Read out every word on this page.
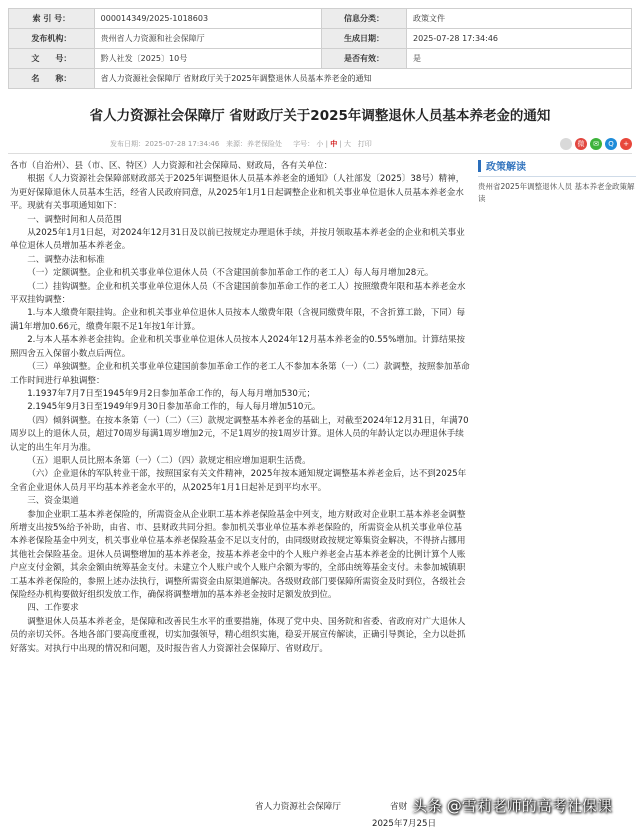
索 引 号：	000014349/2025-1018603	信息分类：	政策文件
发布机构：	贵州省人力资源和社会保障厅	生成日期：	2025-07-28 17:34:46
文　　号：	黔人社发〔2025〕10号	是否有效：	是
名　　称：	省人力资源社会保障厅 省财政厅关于2025年调整退休人员基本养老金的通知		
省人力资源社会保障厅 省财政厅关于2025年调整退休人员基本养老金的通知
发布日期：2025-07-28 17:34:46 来源：养老保险处 字号： 小 | 中 | 大 打印	微	✉	Q	+

各市（自治州）、县（市、区、特区）人力资源和社会保障局、财政局，各有关单位：

根据《人力资源社会保障部财政部关于2025年调整退休人员基本养老金的通知》（人社部发〔2025〕38号）精神，为更好保障退休人员基本生活，经省人民政府同意，从2025年1月1日起调整企业和机关事业单位退休人员基本养老金水平。现就有关事项通知如下：

一、调整时间和人员范围

从2025年1月1日起，对2024年12月31日及以前已按规定办理退休手续，并按月领取基本养老金的企业和机关事业单位退休人员增加基本养老金。

二、调整办法和标准

（一）定额调整。企业和机关事业单位退休人员（不含建国前参加革命工作的老工人）每人每月增加28元。

（二）挂钩调整。企业和机关事业单位退休人员（不含建国前参加革命工作的老工人）按照缴费年限和基本养老金水平双挂钩调整：

1.与本人缴费年限挂钩。企业和机关事业单位退休人员按本人缴费年限（含视同缴费年限，不含折算工龄，下同）每满1年增加0.66元，缴费年限不足1年按1年计算。

2.与本人基本养老金挂钩。企业和机关事业单位退休人员按本人2024年12月基本养老金的0.55%增加。计算结果按照四舍五入保留小数点后两位。

（三）单独调整。企业和机关事业单位建国前参加革命工作的老工人不参加本条第（一）（二）款调整，按照参加革命工作时间进行单独调整：

1.1937年7月7日至1945年9月2日参加革命工作的，每人每月增加530元；

2.1945年9月3日至1949年9月30日参加革命工作的，每人每月增加510元。

（四）倾斜调整。在按本条第（一）（二）（三）款规定调整基本养老金的基础上，对截至2024年12月31日，年满70周岁以上的退休人员，超过70周岁每满1周岁增加2元，不足1周岁的按1周岁计算。退休人员的年龄认定以办理退休手续认定的出生年月为准。

（五）退职人员比照本条第（一）（二）（四）款规定相应增加退职生活费。

（六）企业退休的军队转业干部，按照国家有关文件精神，2025年按本通知规定调整基本养老金后，达不到2025年全省企业退休人员月平均基本养老金水平的，从2025年1月1日起补足到平均水平。

三、资金渠道

参加企业职工基本养老保险的，所需资金从企业职工基本养老保险基金中列支，地方财政对企业职工基本养老金调整所增支出按5%给予补助，由省、市、县财政共同分担。参加机关事业单位基本养老保险的，所需资金从机关事业单位基本养老保险基金中列支，机关事业单位基本养老保险基金不足以支付的，由同级财政按规定筹集资金解决，不得挤占挪用其他社会保险基金。退休人员调整增加的基本养老金，按基本养老金中的个人账户养老金占基本养老金的比例计算个人账户应支付金额，其余金额由统筹基金支付。未建立个人账户或个人账户余额为零的，全部由统筹基金支付。未参加城镇职工基本养老保险的，参照上述办法执行，调整所需资金由原渠道解决。各级财政部门要保障所需资金及时到位，各级社会保险经办机构要做好组织发放工作，确保将调整增加的基本养老金按时足额发放到位。

四、工作要求

调整退休人员基本养老金，是保障和改善民生水平的重要措施，体现了党中央、国务院和省委、省政府对广大退休人员的亲切关怀。各地各部门要高度重视，切实加强领导，精心组织实施，稳妥开展宣传解读，正确引导舆论，全力以赴抓好落实。对执行中出现的情况和问题，及时报告省人力资源社会保障厅、省财政厅。

政策解读
贵州省2025年调整退休人员 基本养老金政策解读
省人力资源社会保障厅	省财
2025年7月25日
头条 @雪莉老师的高考社保课
